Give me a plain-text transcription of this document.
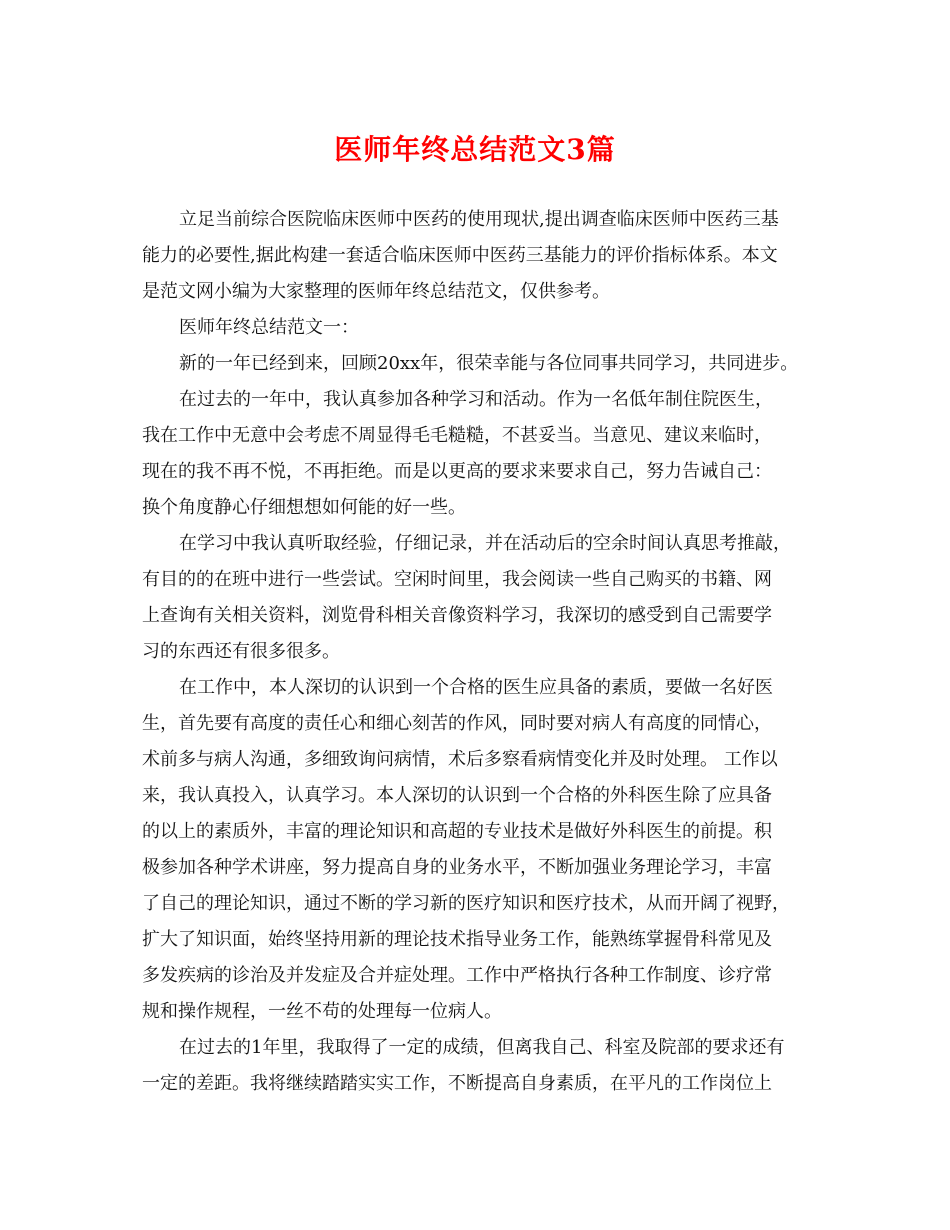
医师年终总结范文3篇
立足当前综合医院临床医师中医药的使用现状,提出调查临床医师中医药三基
能力的必要性,据此构建一套适合临床医师中医药三基能力的评价指标体系。本文
是范文网小编为大家整理的医师年终总结范文，仅供参考。
医师年终总结范文一：
新的一年已经到来，回顾20xx年，很荣幸能与各位同事共同学习，共同进步。
在过去的一年中，我认真参加各种学习和活动。作为一名低年制住院医生，
我在工作中无意中会考虑不周显得毛毛糙糙，不甚妥当。当意见、建议来临时，
现在的我不再不悦，不再拒绝。而是以更高的要求来要求自己，努力告诫自己：
换个角度静心仔细想想如何能的好一些。
在学习中我认真听取经验，仔细记录，并在活动后的空余时间认真思考推敲，
有目的的在班中进行一些尝试。空闲时间里，我会阅读一些自己购买的书籍、网
上查询有关相关资料，浏览骨科相关音像资料学习，我深切的感受到自己需要学
习的东西还有很多很多。
在工作中，本人深切的认识到一个合格的医生应具备的素质，要做一名好医
生，首先要有高度的责任心和细心刻苦的作风，同时要对病人有高度的同情心，
术前多与病人沟通，多细致询问病情，术后多察看病情变化并及时处理。 工作以
来，我认真投入，认真学习。本人深切的认识到一个合格的外科医生除了应具备
的以上的素质外，丰富的理论知识和高超的专业技术是做好外科医生的前提。积
极参加各种学术讲座，努力提高自身的业务水平，不断加强业务理论学习，丰富
了自己的理论知识，通过不断的学习新的医疗知识和医疗技术，从而开阔了视野，
扩大了知识面，始终坚持用新的理论技术指导业务工作，能熟练掌握骨科常见及
多发疾病的诊治及并发症及合并症处理。工作中严格执行各种工作制度、诊疗常
规和操作规程，一丝不苟的处理每一位病人。
在过去的1年里，我取得了一定的成绩，但离我自己、科室及院部的要求还有
一定的差距。我将继续踏踏实实工作，不断提高自身素质，在平凡的工作岗位上
